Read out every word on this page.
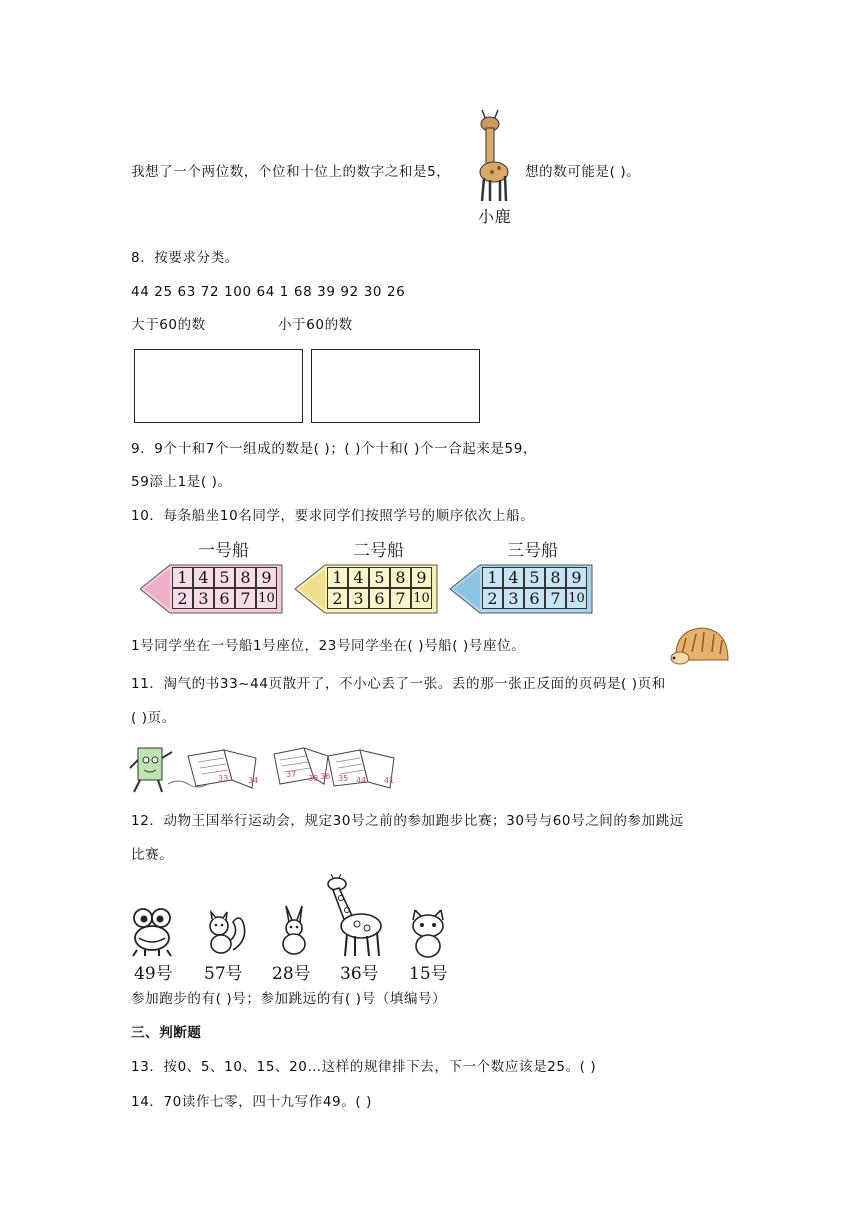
我想了一个两位数，个位和十位上的数字之和是5，
小鹿
想的数可能是( )。
8．按要求分类。
44 25 63 72 100 64 1 68 39 92 30 26
大于60的数	小于60的数
9．9个十和7个一组成的数是( )；( )个十和( )个一合起来是59，
59添上1是( )。
10．每条船坐10名同学，要求同学们按照学号的顺序依次上船。
一号船	二号船	三号船
1 4 5 8 9
2 3 6 7 10
1 4 5 8 9
2 3 6 7 10
1 4 5 8 9
2 3 6 7 10
1号同学坐在一号船1号座位，23号同学坐在( )号船( )号座位。
11．淘气的书33~44页散开了，不小心丢了一张。丢的那一张正反面的页码是( )页和
( )页。
33 34
37 38 36 35 44 41
12．动物王国举行运动会，规定30号之前的参加跑步比赛；30号与60号之间的参加跳远
比赛。
49号 57号 28号 36号 15号
参加跑步的有( )号；参加跳远的有( )号（填编号）
三、判断题
13．按0、5、10、15、20…这样的规律排下去，下一个数应该是25。( )
14．70读作七零，四十九写作49。( )
